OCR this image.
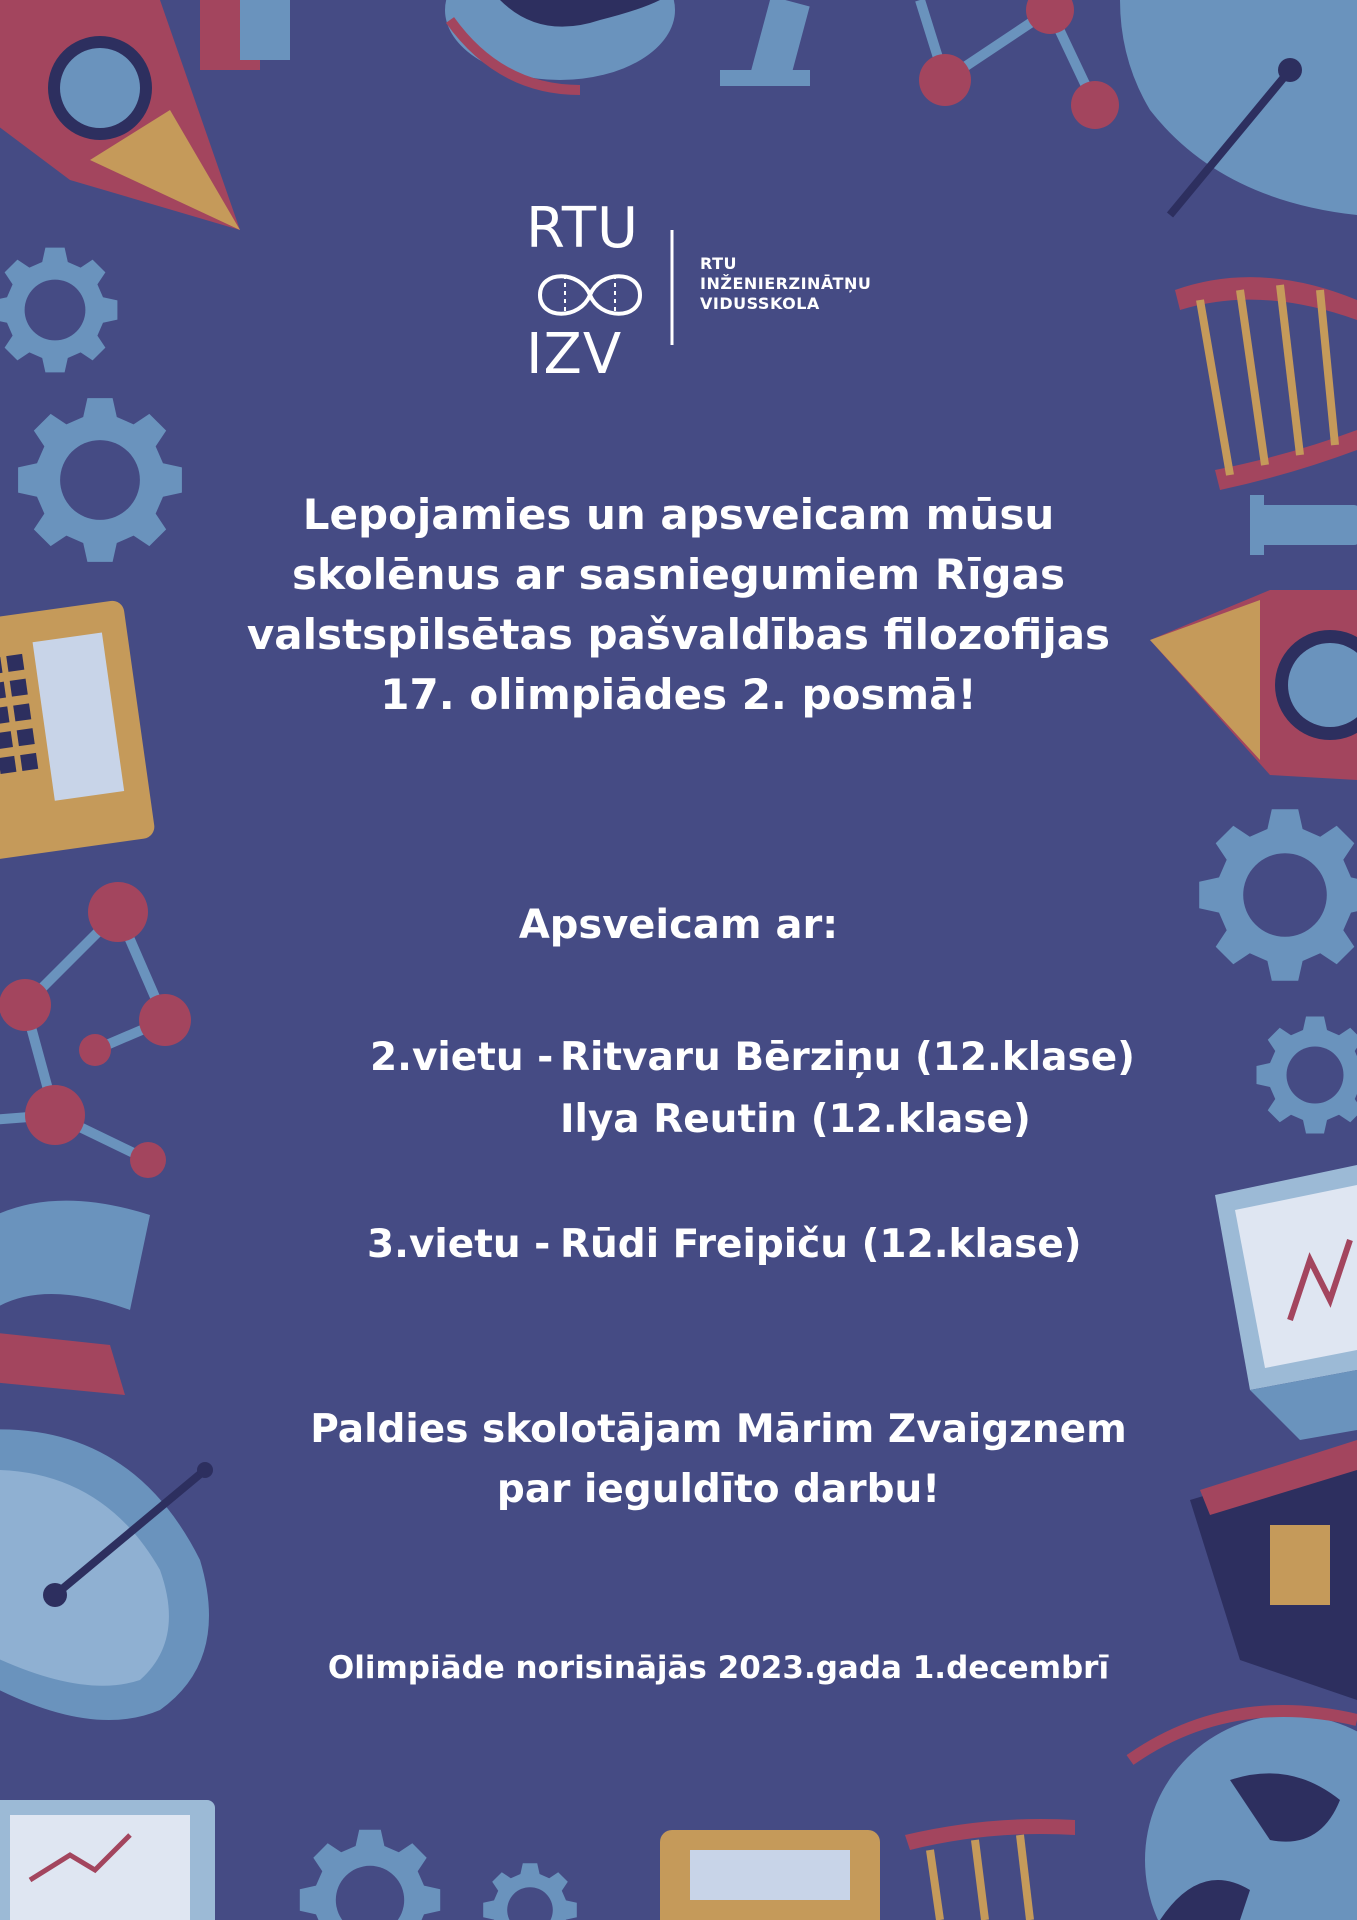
RTU
IZV
RTU
INŽENIERZINĀTŅU
VIDUSSKOLA
Lepojamies un apsveicam mūsu
skolēnus ar sasniegumiem Rīgas
valstspilsētas pašvaldības filozofijas
17. olimpiādes 2. posmā!
Apsveicam ar:
2.vietu - Ritvaru Bērziņu (12.klase)
Ilya Reutin (12.klase)
3.vietu - Rūdi Freipiču (12.klase)
Paldies skolotājam Mārim Zvaigznem
par ieguldīto darbu!
Olimpiāde norisinājās 2023.gada 1.decembrī
